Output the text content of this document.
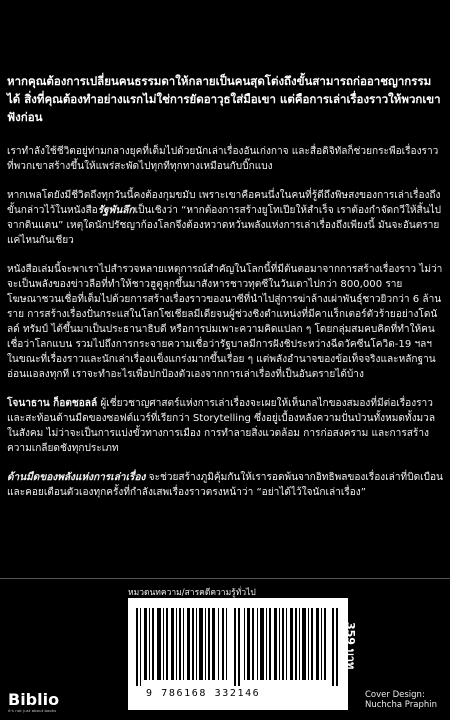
หากคุณต้องการเปลี่ยนคนธรรมดาให้กลายเป็นคนสุดโต่งถึงขั้นสามารถก่ออาชญากรรมได้ สิ่งที่คุณต้องทำอย่างแรกไม่ใช่การยัดอาวุธใส่มือเขา แต่คือการเล่าเรื่องราวให้พวกเขาฟังก่อน

เราทำลังใช้ชีวิตอยู่ท่ามกลางยุคที่เต็มไปด้วยนักเล่าเรื่องอันเก่งกาจ และสื่อดิจิทัลก็ช่วยกระพือเรื่องราวที่พวกเขาสร้างขึ้นให้แพร่สะพัดไปทุกทีทุกทางเหมือนกับบิ๊กแบง

หากเพลโตยังมีชีวิตถึงทุกวันนี้คงต้องกุมขมับ เพราะเขาคือคนนึ่งในคนที่รู้ดีถึงพิษสงของการเล่าเรื่องถึงขั้นกล่าวไว้ในหนังสือรัฐพันลึกเป็นเชิงว่า “หากต้องการสร้างยูโทเปียให้สำเร็จ เราต้องกำจัดกวีให้สิ้นไปจากดินแดน” เหตุใดนักปรัชญาก้องโลกจึงต้องหวาดหวั่นพลังแห่งการเล่าเรื่องถึงเพียงนี้ มันจะอันตรายแค่ไหนกันเชียว

หนังสือเล่มนี้จะพาเราไปสำรวจหลายเหตุการณ์สำคัญในโลกนี้ที่มีต้นตอมาจากการสร้างเรื่องราว ไม่ว่าจะเป็นพลังของข่าวลือที่ทำให้ชาวฮูตูลุกขึ้นมาสังหารชาวทุตซีในวันเดาไปกว่า 800,000 ราย โฆษณาชวนเชื่อที่เต็มไปด้วยการสร้างเรื่องราวของนาซีที่นำไปสู่การฆ่าล้างเผ่าพันธุ์ชาวยิวกว่า 6 ล้านราย การสร้างเรื่องปั่นกระแสในโลกโซเชียลมีเดียจนผู้ช่วงชิงตำแหน่งที่มีคาแร็กเตอร์ตัวร้ายอย่างโดนัลด์ ทรัมป์ ได้ขึ้นมาเป็นประธานาธิบดี หรือการบ่มเพาะความคิดแปลก ๆ โดยกลุ่มสมคบคิดที่ทำให้คนเชื่อว่าโลกแบน รวมไปถึงการกระจายความเชื่อว่ารัฐบาลมีการฝังชิประหว่างฉีดวัคซีนโควิด-19 ฯลฯ ในขณะที่เรื่องราวและนักเล่าเรื่องแข็งแกร่งมากขึ้นเรื่อย ๆ แต่พลังอำนาจของข้อเท็จจริงและหลักฐานอ่อนแอลงทุกที เราจะทำอะไรเพื่อปกป้องตัวเองจากการเล่าเรื่องที่เป็นอันตรายได้บ้าง

โจนาธาน ก็อตชอลล์ ผู้เชี่ยวชาญศาสตร์แห่งการเล่าเรื่องจะเผยให้เห็นกลไกของสมองที่มีต่อเรื่องราว และสะท้อนด้านมืดของซอฟต์แวร์ที่เรียกว่า Storytelling ซึ่งอยู่เบื้องหลังความปั่นป่วนทั้งหมดทั้งมวลในสังคม ไม่ว่าจะเป็นการแบ่งขั้วทางการเมือง การทำลายสิ่งแวดล้อม การก่อสงคราม และการสร้างความเกลียดชังทุกประเภท

ด้านมืดของพลังแห่งการเล่าเรื่อง จะช่วยสร้างภูมิคุ้มกันให้เรารอดพ้นจากอิทธิพลของเรื่องเล่าที่บิดเบือน และคอยเตือนตัวเองทุกครั้งที่กำลังเสพเรื่องราวตรงหน้าว่า “อย่าได้ไว้ใจนักเล่าเรื่อง”

หมวดนทความ/สารคดีความรู้ทั่วไป
9 786168 332146
359 บาท
Biblio
it's not just about books
Cover Design:
Nuchcha Praphin
